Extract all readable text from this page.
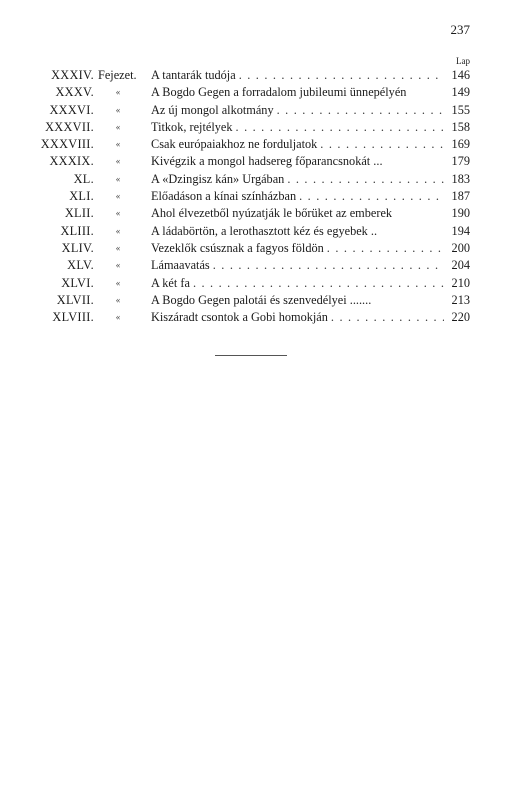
237
Lap
XXXIV. Fejezet. A tantarák tudója . . .	146
XXXV.	«	A Bogdo Gegen a forradalom jubileumi ünnepélyén	149
XXXVI.	«	Az új mongol alkotmány . . .	155
XXXVII.	«	Titkok, rejtélyek . . .	158
XXXVIII.	«	Csak európaiakhoz ne forduljatok . . .	169
XXXIX.	«	Kivégzik a mongol hadsereg főparancsnokát ...	179
XL.	«	A «Dzingisz kán» Urgában . . .	183
XLI.	«	Előadáson a kínai színházban . . .	187
XLII.	«	Ahol élvezetből nyúzatják le bőrüket az emberek	190
XLIII.	«	A ládabörtön, a lerothasztott kéz és egyebek ..	194
XLIV.	«	Vezeklők csúsznak a fagyos földön . . .	200
XLV.	«	Lámaavatás . . .	204
XLVI.	«	A két fa . . .	210
XLVII.	«	A Bogdo Gegen palotái és szenvedélyei .......	213
XLVIII.	«	Kiszáradt csontok a Gobi homokján . . .	220
